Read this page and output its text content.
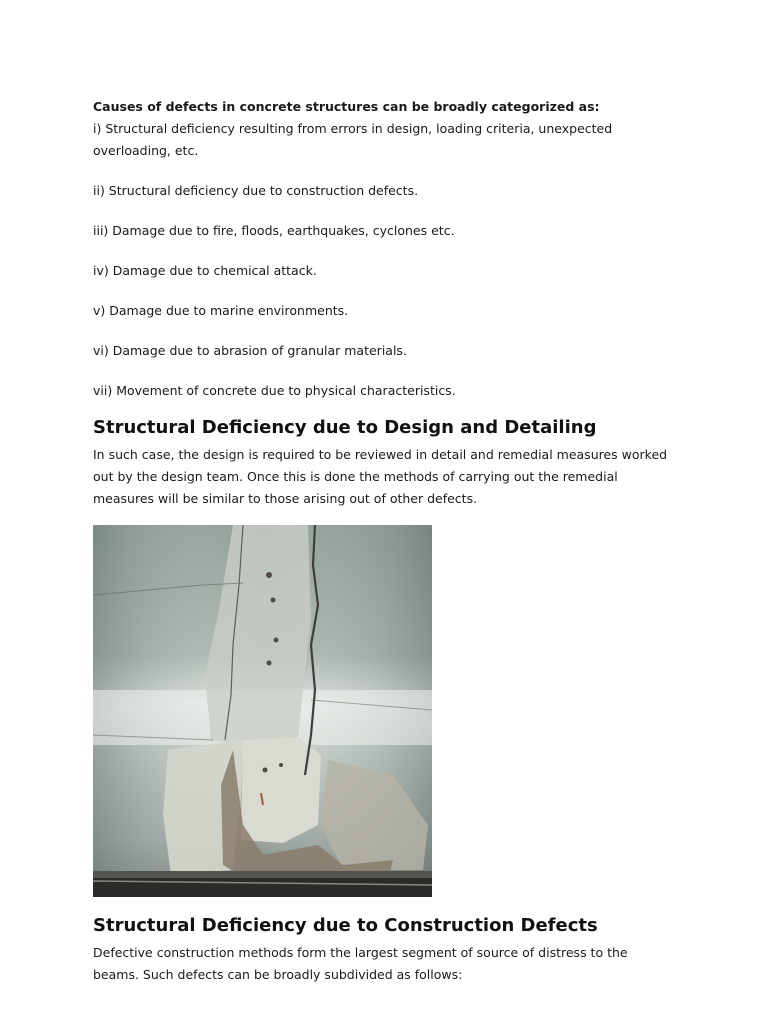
Causes of defects in concrete structures can be broadly categorized as:

i) Structural deficiency resulting from errors in design, loading criteria, unexpected overloading, etc.

ii) Structural deficiency due to construction defects.

iii) Damage due to fire, floods, earthquakes, cyclones etc.

iv) Damage due to chemical attack.

v) Damage due to marine environments.

vi) Damage due to abrasion of granular materials.

vii) Movement of concrete due to physical characteristics.

Structural Deficiency due to Design and Detailing

In such case, the design is required to be reviewed in detail and remedial measures worked out by the design team. Once this is done the methods of carrying out the remedial measures will be similar to those arising out of other defects.

Structural Deficiency due to Construction Defects

Defective construction methods form the largest segment of source of distress to the beams. Such defects can be broadly subdivided as follows:
